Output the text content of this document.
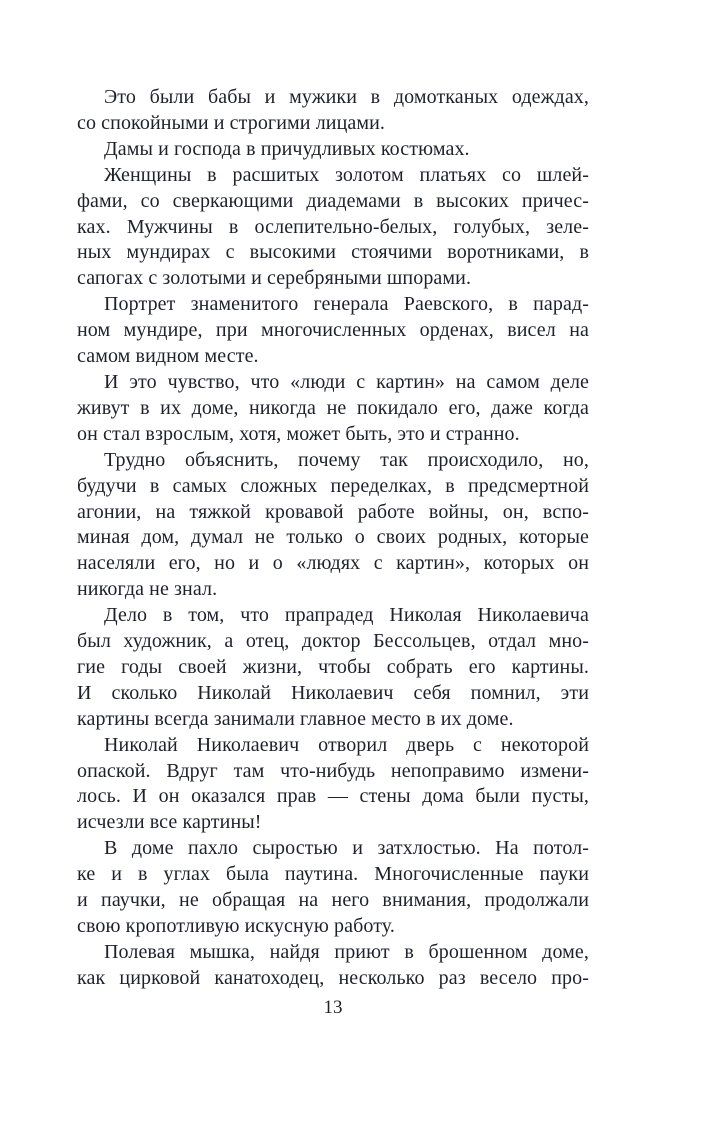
Это были бабы и мужики в домотканых одеждах,
со спокойными и строгими лицами.
Дамы и господа в причудливых костюмах.
Женщины в расшитых золотом платьях со шлей-
фами, со сверкающими диадемами в высоких причес-
ках. Мужчины в ослепительно-белых, голубых, зеле-
ных мундирах с высокими стоячими воротниками, в
сапогах с золотыми и серебряными шпорами.
Портрет знаменитого генерала Раевского, в парад-
ном мундире, при многочисленных орденах, висел на
самом видном месте.
И это чувство, что «люди с картин» на самом деле
живут в их доме, никогда не покидало его, даже когда
он стал взрослым, хотя, может быть, это и странно.
Трудно объяснить, почему так происходило, но,
будучи в самых сложных переделках, в предсмертной
агонии, на тяжкой кровавой работе войны, он, вспо-
миная дом, думал не только о своих родных, которые
населяли его, но и о «людях с картин», которых он
никогда не знал.
Дело в том, что прапрадед Николая Николаевича
был художник, а отец, доктор Бессольцев, отдал мно-
гие годы своей жизни, чтобы собрать его картины.
И сколько Николай Николаевич себя помнил, эти
картины всегда занимали главное место в их доме.
Николай Николаевич отворил дверь с некоторой
опаской. Вдруг там что-нибудь непоправимо измени-
лось. И он оказался прав — стены дома были пусты,
исчезли все картины!
В доме пахло сыростью и затхлостью. На потол-
ке и в углах была паутина. Многочисленные пауки
и паучки, не обращая на него внимания, продолжали
свою кропотливую искусную работу.
Полевая мышка, найдя приют в брошенном доме,
как цирковой канатоходец, несколько раз весело про-
13
